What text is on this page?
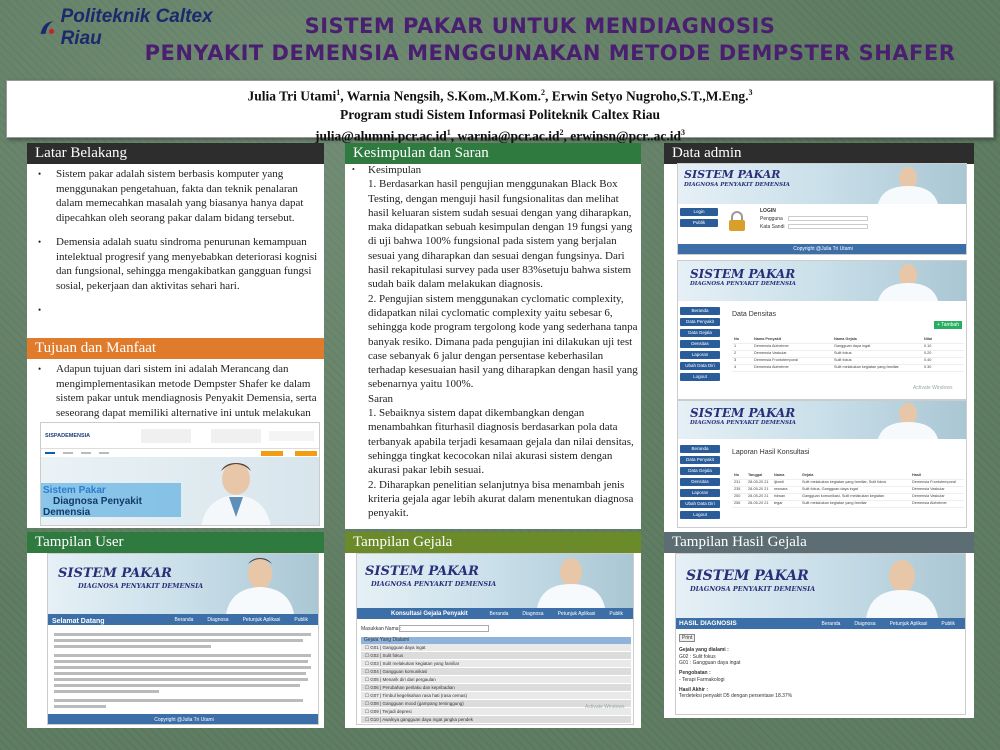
Politeknik Caltex Riau
SISTEM PAKAR UNTUK MENDIAGNOSIS
PENYAKIT DEMENSIA MENGGUNAKAN METODE DEMPSTER SHAFER
Julia Tri Utami$^1$, Warnia Nengsih, S.Kom.,M.Kom.$^2$, Erwin Setyo Nugroho,S.T.,M.Eng.$^3$
Program studi Sistem Informasi Politeknik Caltex Riau
$julia@alumni.pcr.ac.id^1$, $warnia@pcr.ac.id^2$, $erwinsn@pcr..ac.id^3$
Latar Belakang
• Sistem pakar adalah sistem berbasis komputer yang menggunakan pengetahuan, fakta dan teknik penalaran dalam memecahkan masalah yang biasanya hanya dapat dipecahkan oleh seorang pakar dalam bidang tersebut.
• Demensia adalah suatu sindroma penurunan kemampuan intelektual progresif yang menyebabkan deteriorasi kognisi dan fungsional, sehingga mengakibatkan gangguan fungsi sosial, pekerjaan dan aktivitas sehari hari.
•
Tujuan dan Manfaat
• Adapun tujuan dari sistem ini adalah Merancang dan mengimplementasikan metode Dempster Shafer ke dalam sistem pakar untuk mendiagnosis Penyakit Demensia, serta seseorang dapat memiliki alternative ini untuk melakukan
SISPADEMENSIA
Sistem Pakar
Diagnosa Penyakit
Demensia
Kesimpulan dan Saran
• Kesimpulan
1. Berdasarkan hasil pengujian menggunakan Black Box Testing, dengan menguji hasil fungsionalitas dan melihat hasil keluaran sistem sudah sesuai dengan yang diharapkan, maka didapatkan sebuah kesimpulan dengan 19 fungsi yang di uji bahwa 100% fungsional pada sistem yang berjalan sesuai yang diharapkan dan sesuai dengan fungsinya. Dari hasil rekapitulasi survey pada user 83%setuju bahwa sistem sudah baik dalam melakukan diagnosis.
2. Pengujian sistem menggunakan cyclomatic complexity, didapatkan nilai cyclomatic complexity yaitu sebesar 6, sehingga kode program tergolong kode yang sederhana tanpa banyak resiko. Dimana pada pengujian ini dilakukan uji test case sebanyak 6 jalur dengan persentase keberhasilan terhadap kesesuaian hasil yang diharapkan dengan hasil yang sebenarnya yaitu 100%.
Saran
1. Sebaiknya sistem dapat dikembangkan dengan menambahkan fiturhasil diagnosis berdasarkan pola data terbanyak apabila terjadi kesamaan gejala dan nilai densitas, sehingga tingkat kecocokan nilai akurasi sistem dengan akurasi pakar lebih sesuai.
2. Diharapkan penelitian selanjutnya bisa menambah jenis kriteria gejala agar lebih akurat dalam menentukan diagnosa penyakit.
Data admin
SISTEM PAKAR
DIAGNOSA PENYAKIT DEMENSIA
Login
Publik
LOGIN
Pengguna
Kata Sandi
Copyright @Julia Tri Utami
SISTEM PAKAR
DIAGNOSA PENYAKIT DEMENSIA
Beranda
Data Penyakit
Data Gejala
Densitas
Laporan
Ubah Data Diri
Logout
Data Densitas
+ Tambah
No	Nama Penyakit	Nama Gejala	Nilai
1	Demensia Alzheimer	Gangguan daya ingat	0.10
2	Demensia Vaskular	Sulit fokus	0.20
3	Demensia Frontotemporal	Sulit fokus	0.40
4	Demensia Alzheimer	Sulit melakukan kegiatan yang familiar	0.30
Activate Windows
SISTEM PAKAR
DIAGNOSA PENYAKIT DEMENSIA
Beranda
Data Penyakit
Data Gejala
Densitas
Laporan
Ubah Data Diri
Logout
Laporan Hasil Konsultasi
No	Tanggal	Nama	Gejala	Hasil
231	28-05-20 21	ijkanti	Sulit melakukan kegiatan yang familiar, Sulit fokus	Demensia Frontotemporal
235	28-05-20 21	reswara	Sulit fokus, Gangguan daya ingat	Demensia Vaskular
250	28-05-20 21	ridwan	Gangguan komunikasi, Sulit melakukan kegiatan	Demensia Vaskular
256	28-05-20 21	tegar	Sulit melakukan kegiatan yang familiar	Demensia Alzheimer
Tampilan User
SISTEM PAKAR
DIAGNOSA PENYAKIT DEMENSIA
Beranda	Diagnosa	Petunjuk Aplikasi	Publik
Selamat Datang
Copyright @Julia Tri Utami
Tampilan Gejala
SISTEM PAKAR
DIAGNOSA PENYAKIT DEMENSIA
Konsultasi Gejala Penyakit	Beranda	Diagnosa	Petunjuk Aplikasi	Publik
Masukkan Nama :
Gejala Yang Dialami
☐ G01 | Gangguan daya ingat
☐ G02 | Sulit fokus
☐ G03 | Sulit melakukan kegiatan yang familiar
☐ G04 | Gangguan komunikasi
☐ G05 | Menarik diri dari pergaulan
☐ G06 | Perubahan perilaku dan kepribadian
☐ G07 | Timbul kegelisahan rasa hati (rasa cemas)
☐ G08 | Gangguan mood (gampang tersinggung)
☐ G09 | Terjadi depresi
☐ G10 | Awalnya gangguan daya ingat jangka pendek
Activate Windows
Tampilan Hasil Gejala
SISTEM PAKAR
DIAGNOSA PENYAKIT DEMENSIA
Beranda	Diagnosa	Petunjuk Aplikasi	Publik
HASIL DIAGNOSIS
Print
Gejala yang dialami :
G02 : Sulit fokus
G01 : Gangguan daya ingat
Pengobatan :
- Terapi Farmakologi
Hasil Akhir :
Terdeteksi penyakit D5 dengan persentase 18.37%
